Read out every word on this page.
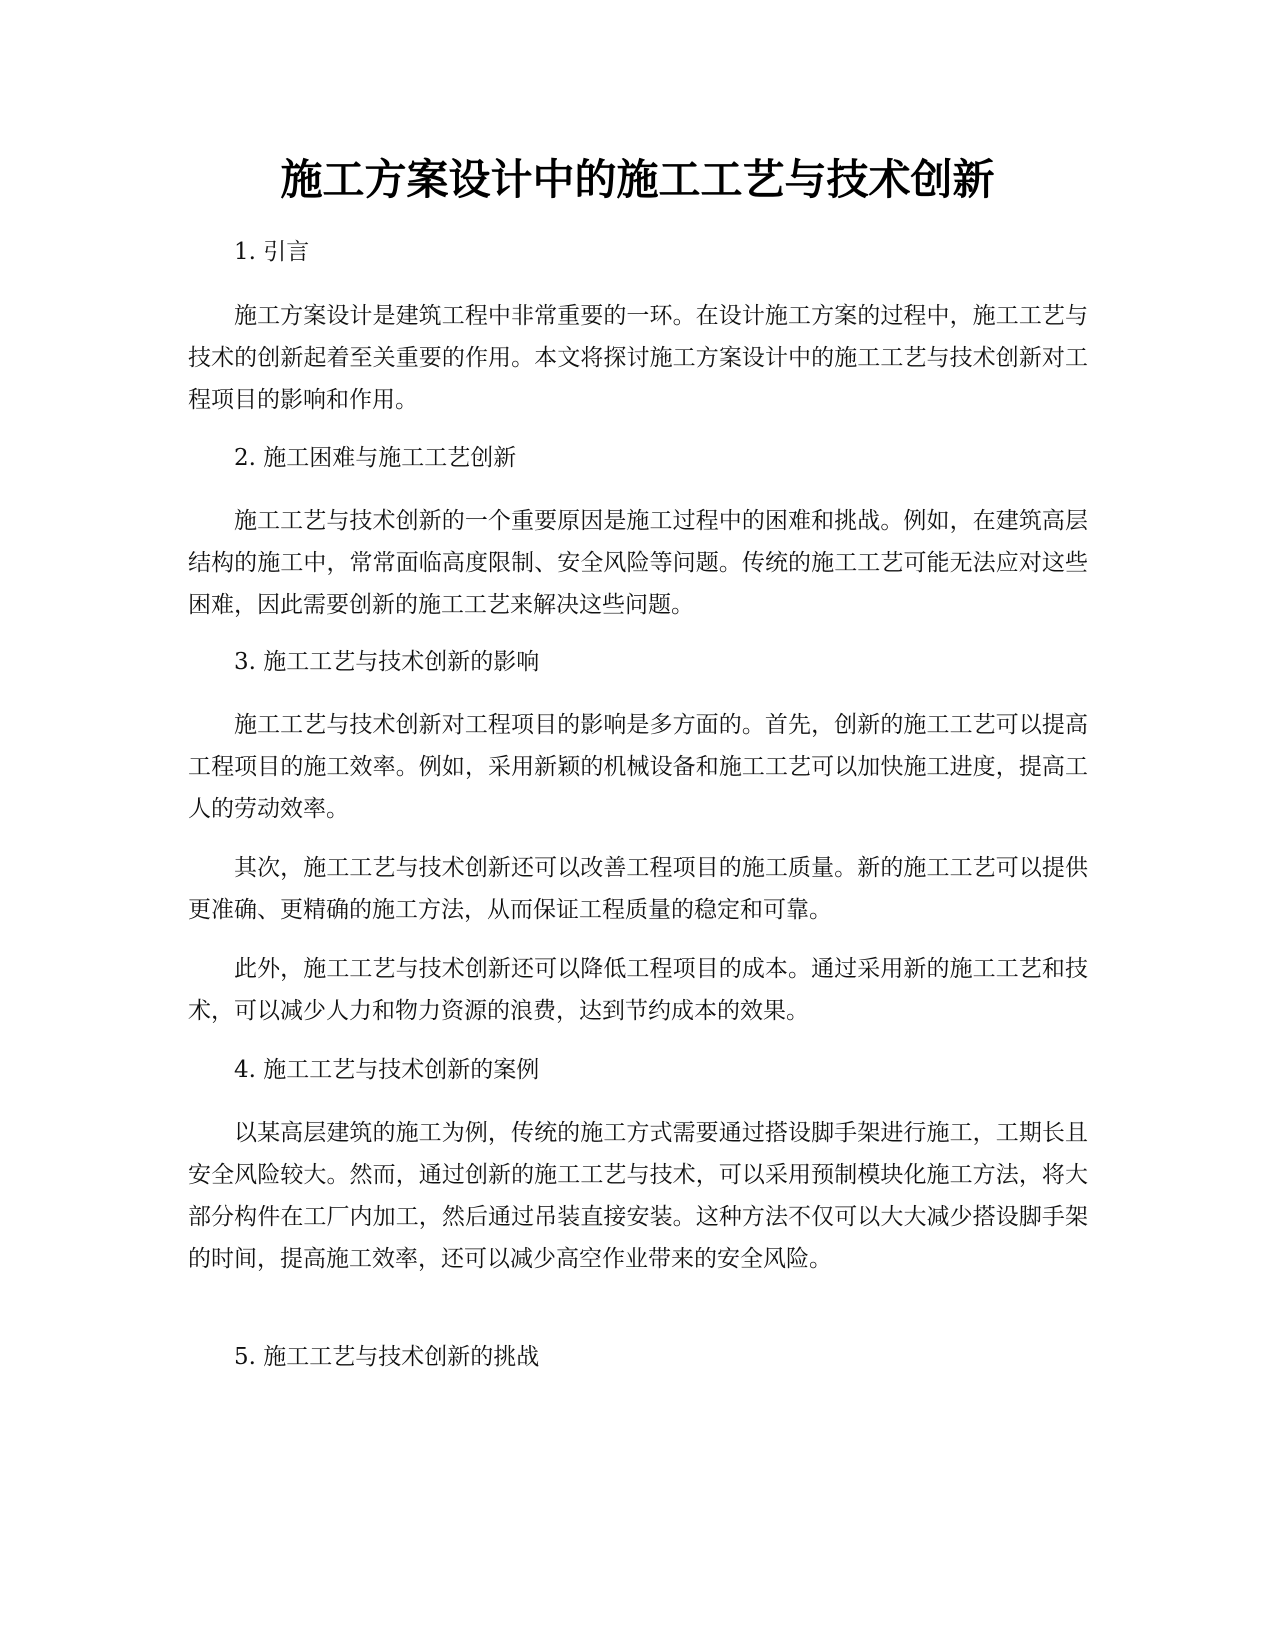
施工方案设计中的施工工艺与技术创新

1. 引言

施工方案设计是建筑工程中非常重要的一环。在设计施工方案的过程中，施工工艺与技术的创新起着至关重要的作用。本文将探讨施工方案设计中的施工工艺与技术创新对工程项目的影响和作用。

2. 施工困难与施工工艺创新

施工工艺与技术创新的一个重要原因是施工过程中的困难和挑战。例如，在建筑高层结构的施工中，常常面临高度限制、安全风险等问题。传统的施工工艺可能无法应对这些困难，因此需要创新的施工工艺来解决这些问题。

3. 施工工艺与技术创新的影响

施工工艺与技术创新对工程项目的影响是多方面的。首先，创新的施工工艺可以提高工程项目的施工效率。例如，采用新颖的机械设备和施工工艺可以加快施工进度，提高工人的劳动效率。

其次，施工工艺与技术创新还可以改善工程项目的施工质量。新的施工工艺可以提供更准确、更精确的施工方法，从而保证工程质量的稳定和可靠。

此外，施工工艺与技术创新还可以降低工程项目的成本。通过采用新的施工工艺和技术，可以减少人力和物力资源的浪费，达到节约成本的效果。

4. 施工工艺与技术创新的案例

以某高层建筑的施工为例，传统的施工方式需要通过搭设脚手架进行施工，工期长且安全风险较大。然而，通过创新的施工工艺与技术，可以采用预制模块化施工方法，将大部分构件在工厂内加工，然后通过吊装直接安装。这种方法不仅可以大大减少搭设脚手架的时间，提高施工效率，还可以减少高空作业带来的安全风险。

5. 施工工艺与技术创新的挑战
